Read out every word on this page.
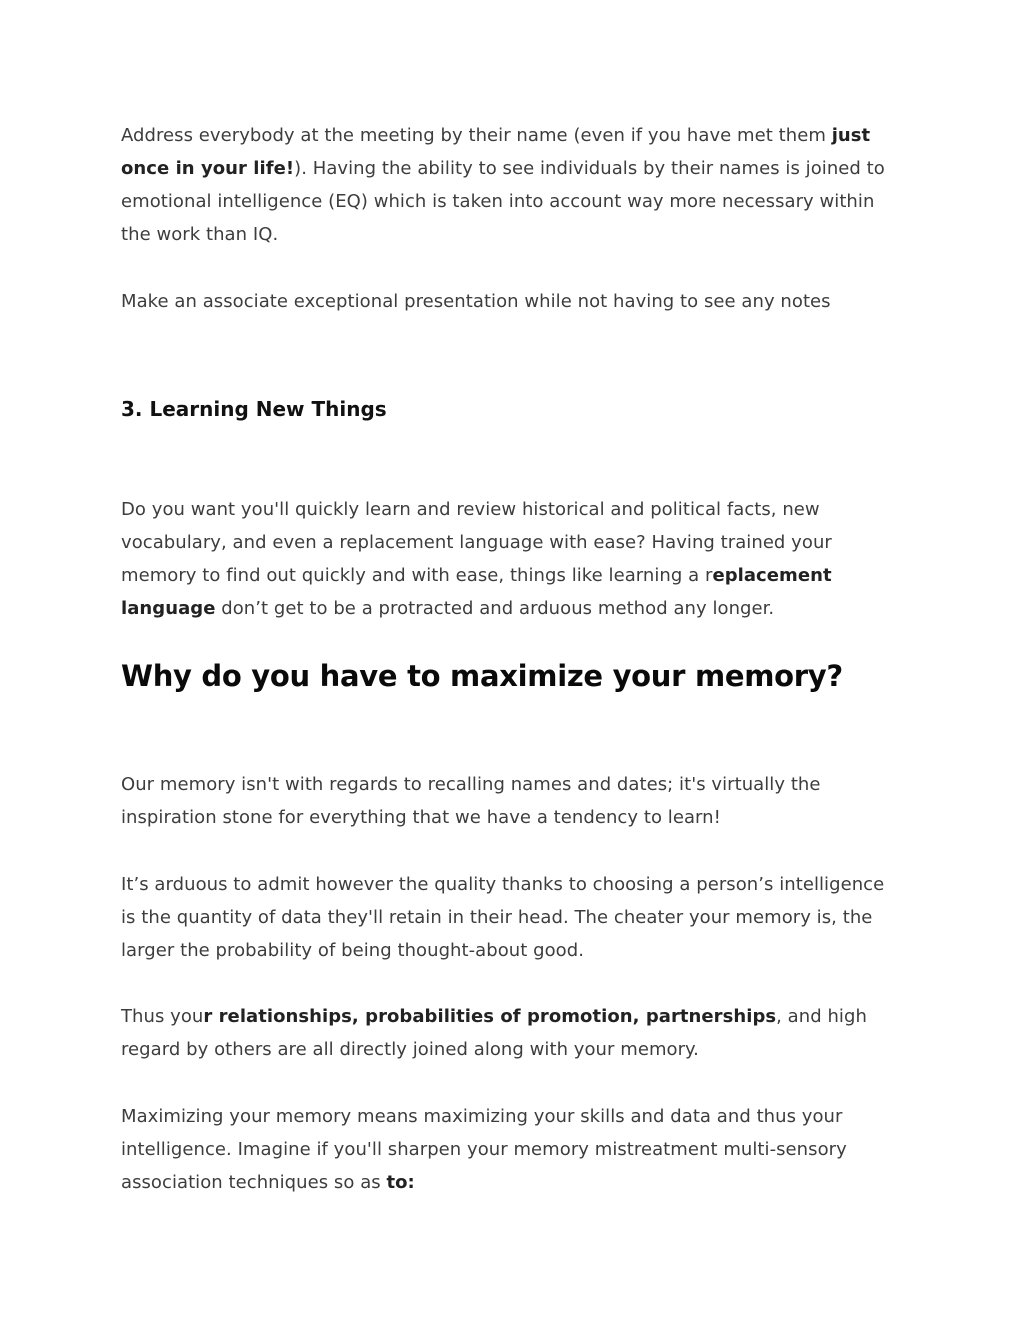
Address everybody at the meeting by their name (even if you have met them just once in your life!). Having the ability to see individuals by their names is joined to emotional intelligence (EQ) which is taken into account way more necessary within the work than IQ.

Make an associate exceptional presentation while not having to see any notes

3. Learning New Things

Do you want you'll quickly learn and review historical and political facts, new vocabulary, and even a replacement language with ease? Having trained your memory to find out quickly and with ease, things like learning a replacement language don’t get to be a protracted and arduous method any longer.

Why do you have to maximize your memory?

Our memory isn't with regards to recalling names and dates; it's virtually the inspiration stone for everything that we have a tendency to learn!

It’s arduous to admit however the quality thanks to choosing a person’s intelligence is the quantity of data they'll retain in their head. The cheater your memory is, the larger the probability of being thought-about good.

Thus your relationships, probabilities of promotion, partnerships, and high regard by others are all directly joined along with your memory.

Maximizing your memory means maximizing your skills and data and thus your intelligence. Imagine if you'll sharpen your memory mistreatment multi-sensory association techniques so as to:
